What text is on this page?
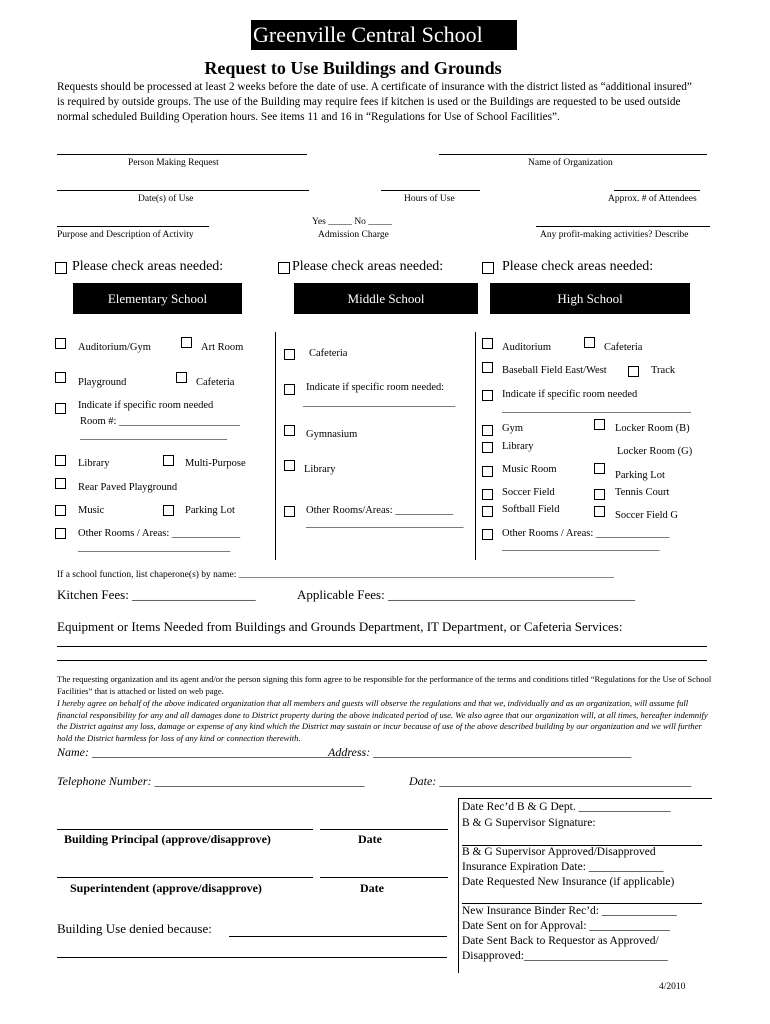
Greenville Central School
Request to Use Buildings and Grounds
Requests should be processed at least 2 weeks before the date of use. A certificate of insurance with the district listed as “additional insured” is required by outside groups. The use of the Building may require fees if kitchen is used or the Buildings are requested to be used outside normal scheduled Building Operation hours. See items 11 and 16 in “Regulations for Use of School Facilities”.
Person Making Request	Name of Organization
Date(s) of Use	Hours of Use	Approx. # of Attendees
Purpose and Description of Activity
Yes _____ No _____
Admission Charge	Any profit-making activities? Describe
Please check areas needed:	Please check areas needed:	Please check areas needed:
Elementary School	Middle School	High School
Auditorium/Gym	Art Room
Playground	Cafeteria
Indicate if specific room needed
Room #: _______________________
____________________________
Library	Multi-Purpose
Rear Paved Playground
Music	Parking Lot
Other Rooms / Areas: _____________
_____________________________
Cafeteria
Indicate if specific room needed:
_____________________________
Gymnasium
Library
Other Rooms/Areas: ___________
______________________________
Auditorium	Cafeteria
Baseball Field East/West	Track
Indicate if specific room needed
____________________________________
Gym	Locker Room (B)
Library	Locker Room (G)
Music Room
Parking Lot
Soccer Field	Tennis Court
Softball Field
Soccer Field G
Other Rooms / Areas: ______________
______________________________
If a school function, list chaperone(s) by name: _______________________________________________________________________________
Kitchen Fees: ___________________	Applicable Fees: ______________________________________
Equipment or Items Needed from Buildings and Grounds Department, IT Department, or Cafeteria Services:
The requesting organization and its agent and/or the person signing this form agree to be responsible for the performance of the terms and conditions titled “Regulations for the Use of School Facilities” that is attached or listed on web page.
I hereby agree on behalf of the above indicated organization that all members and guests will observe the regulations and that we, individually and as an organization, will assume full financial responsibility for any and all damages done to District property during the above indicated period of use. We also agree that our organization will, at all times, hereafter indemnify the District against any loss, damage or expense of any kind which the District may sustain or incur because of use of the above described building by our organization and we will further hold the District harmless for loss of any kind or connection therewith.
Name: ___________________________________________
Address: ___________________________________________
Telephone Number: ___________________________________	Date: __________________________________________
Building Principal (approve/disapprove)	Date
Superintendent (approve/disapprove)	Date
Building Use denied because:
Date Rec’d B & G Dept. ________________
B & G Supervisor Signature:
B & G Supervisor Approved/Disapproved
Insurance Expiration Date: _____________
Date Requested New Insurance (if applicable)
New Insurance Binder Rec’d: _____________
Date Sent on for Approval: ______________
Date Sent Back to Requestor as Approved/
Disapproved:_________________________
4/2010
